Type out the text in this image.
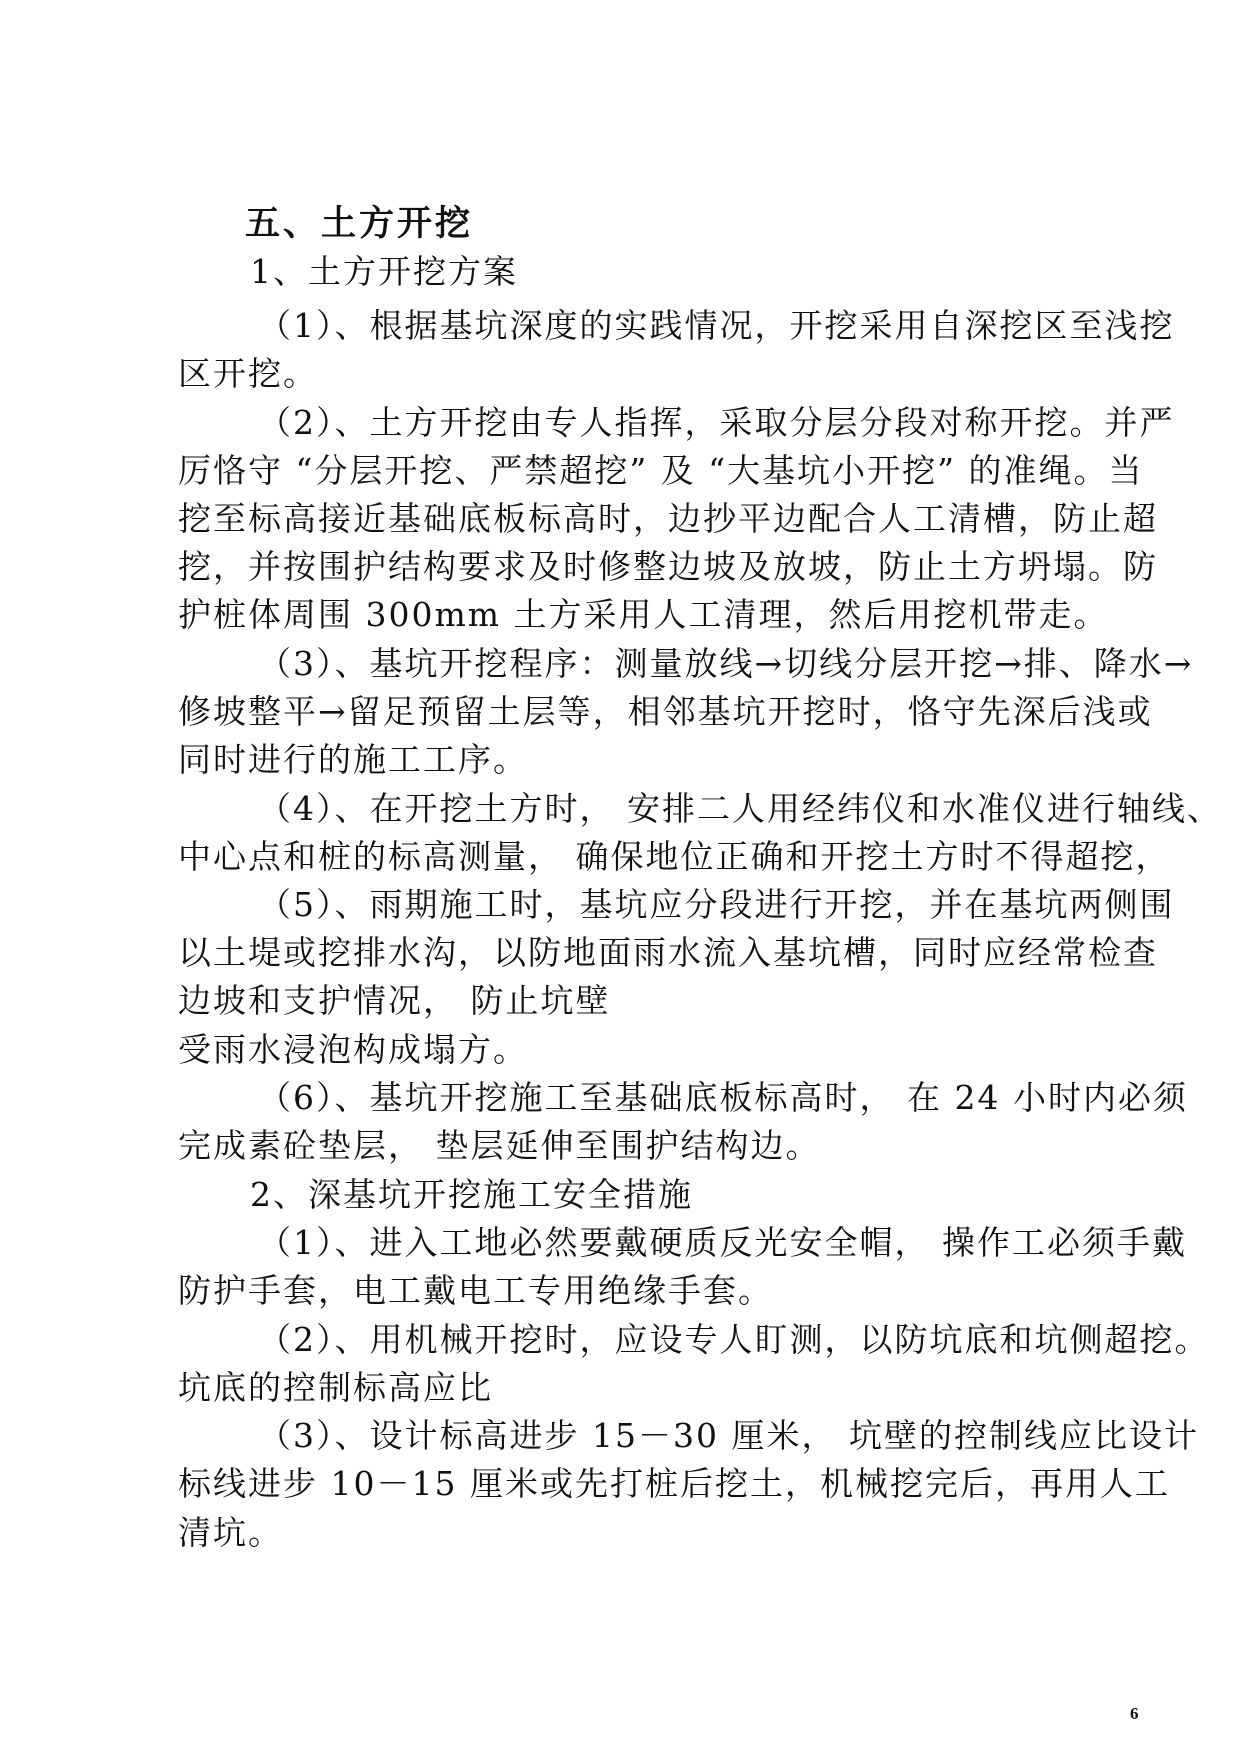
五、土方开挖
1、土方开挖方案
（1）、根据基坑深度的实践情况，开挖采用自深挖区至浅挖
区开挖。
（2）、土方开挖由专人指挥，采取分层分段对称开挖。并严
厉恪守 “分层开挖、严禁超挖” 及 “大基坑小开挖” 的准绳。当
挖至标高接近基础底板标高时，边抄平边配合人工清槽，防止超
挖，并按围护结构要求及时修整边坡及放坡，防止土方坍塌。防
护桩体周围 300mm 土方采用人工清理，然后用挖机带走。
（3）、基坑开挖程序：测量放线→切线分层开挖→排、降水→
修坡整平→留足预留土层等，相邻基坑开挖时，恪守先深后浅或
同时进行的施工工序。
（4）、在开挖土方时， 安排二人用经纬仪和水准仪进行轴线、
中心点和桩的标高测量， 确保地位正确和开挖土方时不得超挖，
（5）、雨期施工时，基坑应分段进行开挖，并在基坑两侧围
以土堤或挖排水沟，以防地面雨水流入基坑槽，同时应经常检查
边坡和支护情况， 防止坑壁
受雨水浸泡构成塌方。
（6）、基坑开挖施工至基础底板标高时， 在 24 小时内必须
完成素砼垫层， 垫层延伸至围护结构边。
2、深基坑开挖施工安全措施
（1）、进入工地必然要戴硬质反光安全帽， 操作工必须手戴
防护手套，电工戴电工专用绝缘手套。
（2）、用机械开挖时，应设专人盯测，以防坑底和坑侧超挖。
坑底的控制标高应比
（3）、设计标高进步 15－30 厘米， 坑壁的控制线应比设计
标线进步 10－15 厘米或先打桩后挖土，机械挖完后，再用人工
清坑。
6
